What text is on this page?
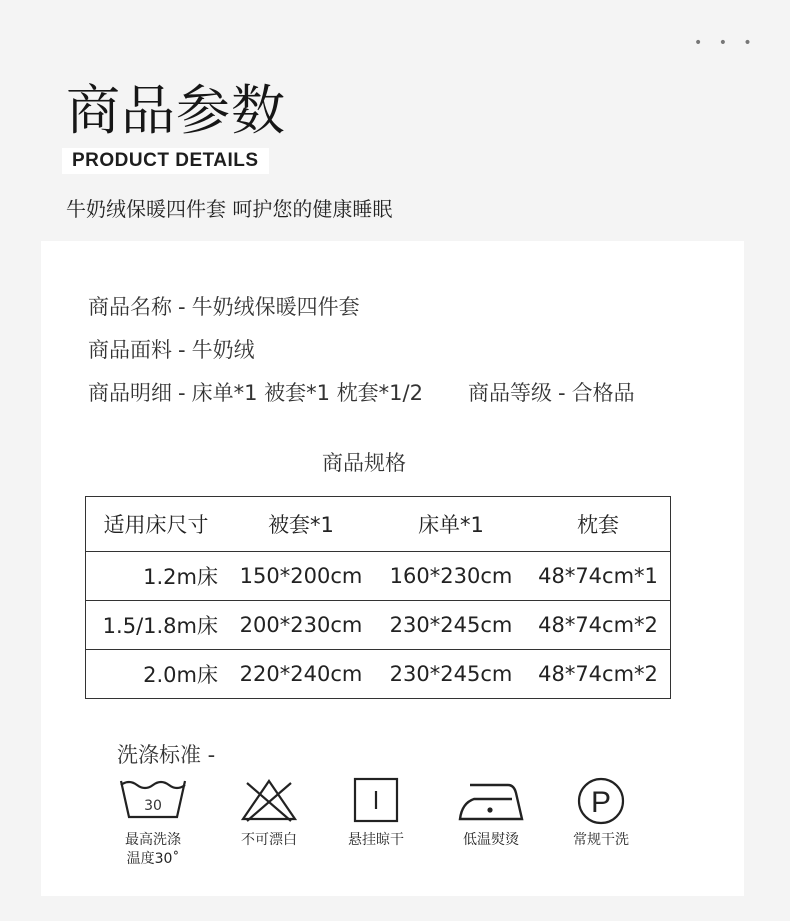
• • •
商品参数
PRODUCT DETAILS
牛奶绒保暖四件套 呵护您的健康睡眠
商品名称 - 牛奶绒保暖四件套
商品面料 - 牛奶绒
商品明细 - 床单*1 被套*1 枕套*1/2 商品等级 - 合格品
商品规格
适用床尺寸	被套*1	床单*1	枕套
1.2m床	150*200cm	160*230cm	48*74cm*1
1.5/1.8m床	200*230cm	230*245cm	48*74cm*2
2.0m床	220*240cm	230*245cm	48*74cm*2
洗涤标准 -
30
最高洗涤
温度30˚
不可漂白	悬挂晾干	低温熨烫
P
常规干洗
